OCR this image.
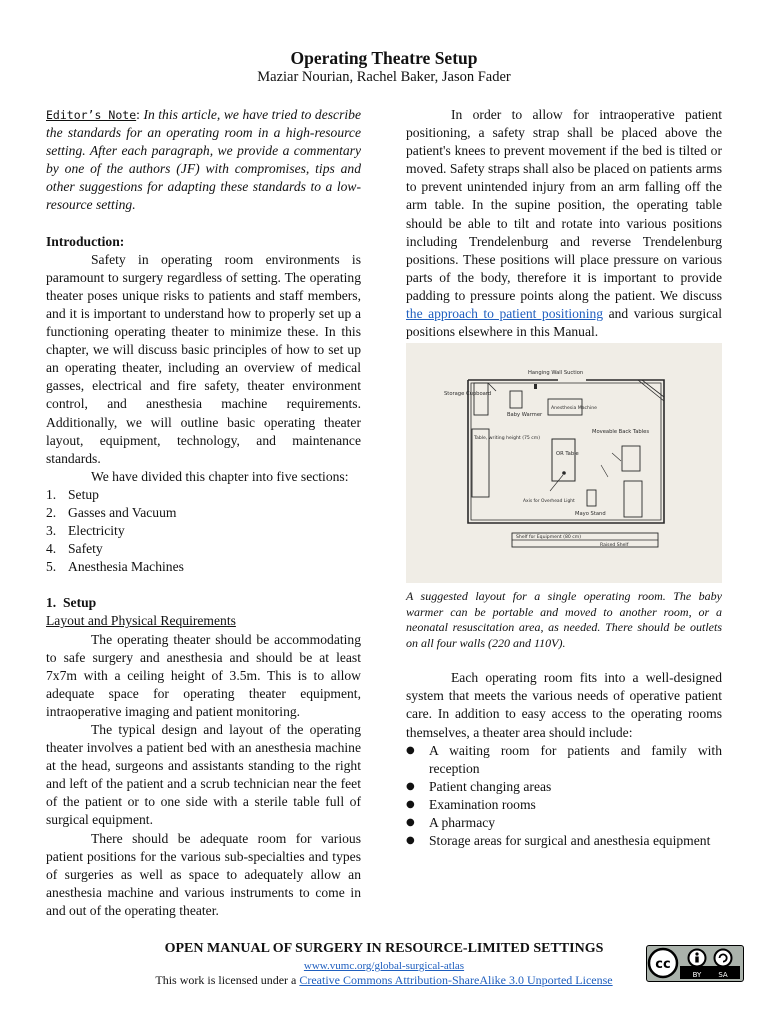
Operating Theatre Setup
Maziar Nourian, Rachel Baker, Jason Fader

Editor’s Note: In this article, we have tried to describe the standards for an operating room in a high-resource setting. After each paragraph, we provide a commentary by one of the authors (JF) with compromises, tips and other suggestions for adapting these standards to a low-resource setting.

Introduction:

Safety in operating room environments is paramount to surgery regardless of setting. The operating theater poses unique risks to patients and staff members, and it is important to understand how to properly set up a functioning operating theater to minimize these. In this chapter, we will discuss basic principles of how to set up an operating theater, including an overview of medical gasses, electrical and fire safety, theater environment control, and anesthesia machine requirements. Additionally, we will outline basic operating theater layout, equipment, technology, and maintenance standards.

We have divided this chapter into five sections:

1. Setup
2. Gasses and Vacuum
3. Electricity
4. Safety
5. Anesthesia Machines
1.  Setup
Layout and Physical Requirements

The operating theater should be accommodating to safe surgery and anesthesia and should be at least 7x7m with a ceiling height of 3.5m. This is to allow adequate space for operating theater equipment, intraoperative imaging and patient monitoring.

The typical design and layout of the operating theater involves a patient bed with an anesthesia machine at the head, surgeons and assistants standing to the right and left of the patient and a scrub technician near the feet of the patient or to one side with a sterile table full of surgical equipment.

There should be adequate room for various patient positions for the various sub-specialties and types of surgeries as well as space to adequately allow an anesthesia machine and various instruments to come in and out of the operating theater.

In order to allow for intraoperative patient positioning, a safety strap shall be placed above the patient's knees to prevent movement if the bed is tilted or moved. Safety straps shall also be placed on patients arms to prevent unintended injury from an arm falling off the arm table. In the supine position, the operating table should be able to tilt and rotate into various positions including Trendelenburg and reverse Trendelenburg positions. These positions will place pressure on various parts of the body, therefore it is important to provide padding to pressure points along the patient. We discuss the approach to patient positioning and various surgical positions elsewhere in this Manual.

Storage Cupboard
Hanging Wall Suction
Baby Warmer
Anesthesia Machine
Table, writing height (75 cm)
OR Table
Axis for Overhead Light
Moveable Back Tables
Mayo Stand
Shelf for Equipment (80 cm)
Raised Shelf
A suggested layout for a single operating room. The baby warmer can be portable and moved to another room, or a neonatal resuscitation area, as needed. There should be outlets on all four walls (220 and 110V).

Each operating room fits into a well-designed system that meets the various needs of operative patient care. In addition to easy access to the operating rooms themselves, a theater area should include:

●	A waiting room for patients and family with reception
●	Patient changing areas
●	Examination rooms
●	A pharmacy
●	Storage areas for surgical and anesthesia equipment
OPEN MANUAL OF SURGERY IN RESOURCE-LIMITED SETTINGS
www.vumc.org/global-surgical-atlas
This work is licensed under a Creative Commons Attribution-ShareAlike 3.0 Unported License
cc
BY SA
